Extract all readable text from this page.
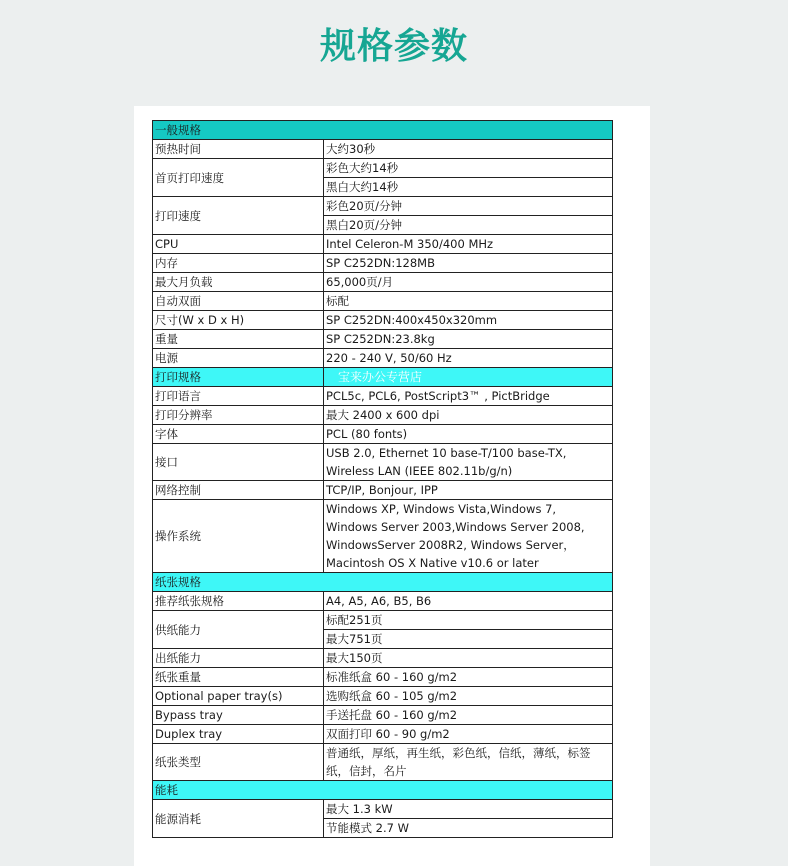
规格参数
一般规格	
预热时间	大约30秒
首页打印速度	彩色大约14秒
	黑白大约14秒
打印速度	彩色20页/分钟
	黑白20页/分钟
CPU	Intel Celeron-M 350/400 MHz
内存	SP C252DN:128MB
最大月负载	65,000页/月
自动双面	标配
尺寸(W x D x H)	SP C252DN:400x450x320mm
重量	SP C252DN:23.8kg
电源	220 - 240 V, 50/60 Hz
打印规格	宝来办公专营店
打印语言	PCL5c, PCL6, PostScript3™ , PictBridge
打印分辨率	最大 2400 x 600 dpi
字体	PCL (80 fonts)
接口	USB 2.0, Ethernet 10 base-T/100 base-TX, Wireless LAN (IEEE 802.11b/g/n)
网络控制	TCP/IP, Bonjour, IPP
操作系统	Windows XP, Windows Vista,Windows 7, Windows Server 2003,Windows Server 2008, WindowsServer 2008R2, Windows Server， Macintosh OS X Native v10.6 or later
纸张规格	
推荐纸张规格	A4, A5, A6, B5, B6
供纸能力	标配251页
	最大751页
出纸能力	最大150页
纸张重量	标准纸盒 60 - 160 g/m2
Optional paper tray(s)	选购纸盒 60 - 105 g/m2
Bypass tray	手送托盘 60 - 160 g/m2
Duplex tray	双面打印 60 - 90 g/m2
纸张类型	普通纸，厚纸，再生纸，彩色纸，信纸，薄纸，标签纸，信封，名片
能耗	
能源消耗	最大 1.3 kW
	节能模式 2.7 W
